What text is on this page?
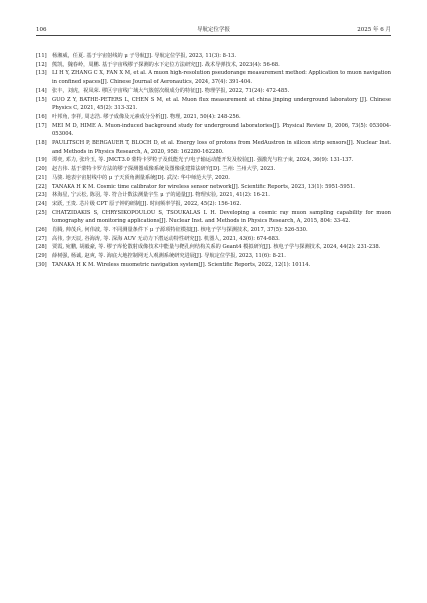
106	导航定位学报	2025 年 6 月
[11]	杨湘威，任夏. 基于宇宙射线的 μ 子导航[J]. 导航定位学报, 2023, 11(3): 8-13.
[12]	熊凯，魏春岭，周鹏. 基于宇宙线缪子探测的水下定位方法研究[J]. 战术导弹技术, 2023(4): 56-68.
[13]	LI H Y, ZHANG C X, FAN X M, et al. A muon high-resolution pseudorange measurement method: Application to muon navigation in confined spaces[J]. Chinese Journal of Aeronautics, 2024, 37(4): 391-404.
[14]	张丰，刘虎，祝凤荣. 缪区宇宙线广域大气簇射次级成分的特征[J]. 物理学报, 2022, 71(24): 472-485.
[15]	GUO Z Y, BATHE-PETERS L, CHEN S M, et al. Muon flux measurement at china jinping underground laboratory [J]. Chinese Physics C, 2021, 45(2): 313-321.
[16]	叶邦角, 李祥, 周志浩. 缪子成像及元素成分分析[J]. 物理, 2021, 50(4): 248-256.
[17]	MEI M D, HIME A. Muon-induced background study for underground laboratories[J]. Physical Review D, 2006, 73(5): 053004-053004.
[18]	PAULITSCH P, BERGAUER T, BLOCH D, et al. Energy loss of protons from MedAustron in silicon strip sensors[J]. Nuclear Inst. and Methods in Physics Research, A, 2020, 958: 162280-162280.
[19]	谭奕, 邓力, 张玲玉, 等. JMCT3.0 蒙特卡罗粒子及低能光子/电子输运动能开发及校验[J]. 强激光与粒子束, 2024, 36(9): 131-137.
[20]	赵吉伟. 基于蒙特卡罗方法的缪子探测器成像系统及图像重建算法研究[D]. 兰州: 兰州大学, 2023.
[21]	马骏. 地表宇宙射线中的 μ 子天顶角测量系统[D]. 武汉: 华中师范大学, 2020.
[22]	TANAKA H K M. Cosmic time calibrator for wireless sensor network[J]. Scientific Reports, 2023, 13(1): 5951-5951.
[23]	林海星, 宁云松, 陈羽, 等. 符合计数法测量宇生 μ 子的通量[J]. 物理实验, 2021, 41(2): 16-21.
[24]	宋跃, 王贵. 芯片级 CPT 原子钟的研制[J]. 时间频率学报, 2022, 45(2): 156-162.
[25]	CHATZIDAKIS S, CHRYSIKOPOULOU S, TSOUKALAS L H. Developing a cosmic ray muon sampling capability for muon tomography and monitoring applications[J]. Nuclear Inst. and Methods in Physics Research, A, 2015, 804: 33-42.
[26]	肖腾, 帅茂兵, 何伟波, 等. 不同测量条件下 μ 子源项特征模拟[J]. 核电子学与探测技术, 2017, 37(5): 526-530.
[27]	高伟, 李天辰, 谷海涛, 等. 深海 AUV 无动力下潜运动特性研究[J]. 机器人, 2021, 43(6): 674-683.
[28]	贾霞, 宛鹏, 胡毅豪, 等. 缪子库伦散射成像技术中能量与靶孔何结构关系的 Geant4 模拟研究[J]. 核电子学与探测技术, 2024, 44(2): 231-238.
[29]	薛树强, 杨诚, 赵爽, 等. 海底大地控制网无人观测系统研究进展[J]. 导航定位学报, 2023, 11(6): 8-21.
[30]	TANAKA H K M. Wireless muometric navigation system[J]. Scientific Reports, 2022, 12(1): 10114.
